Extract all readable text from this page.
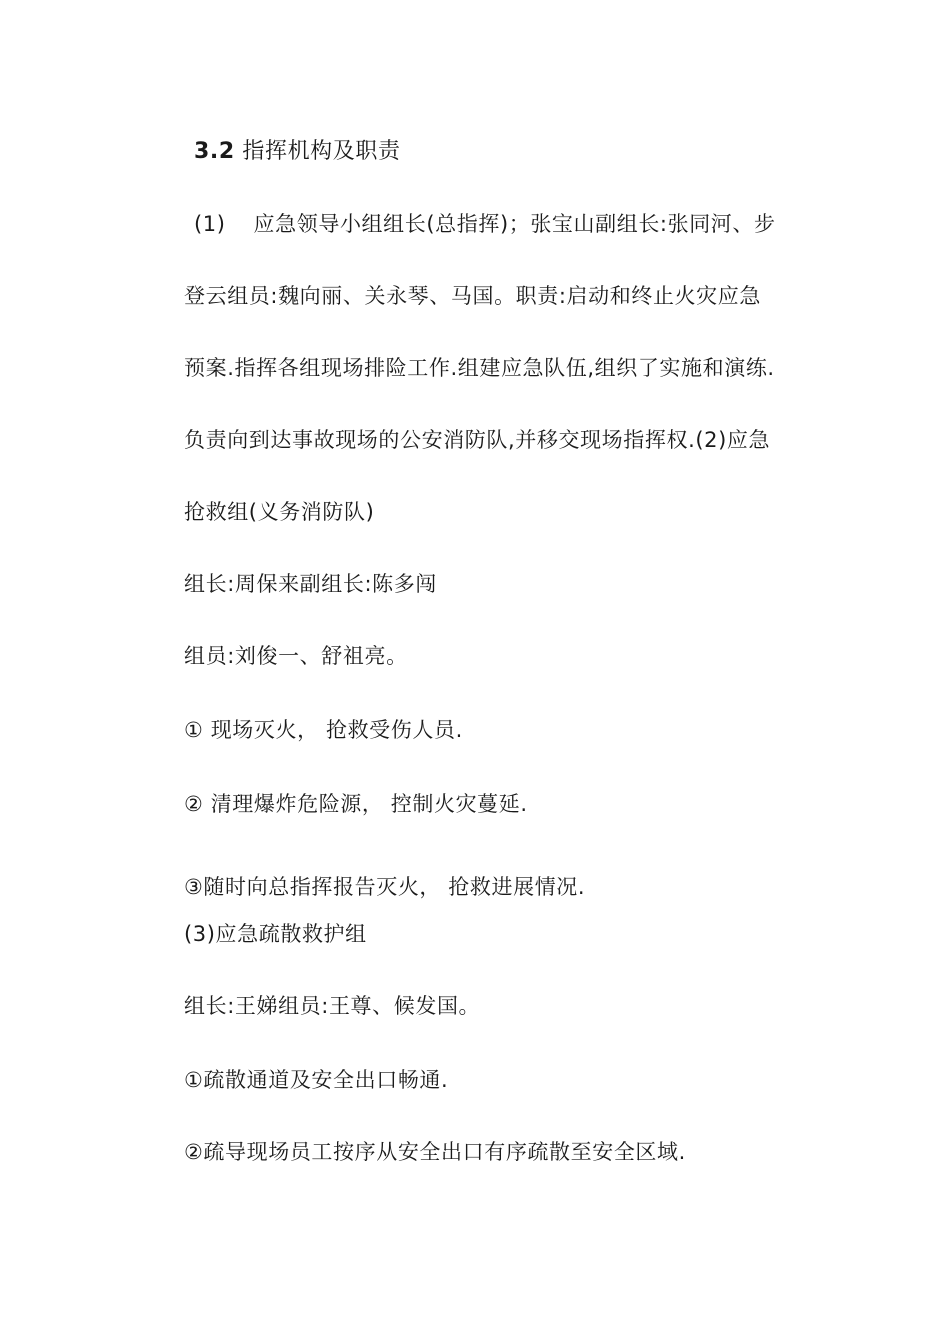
3.2 指挥机构及职责
(1) 应急领导小组组长(总指挥)；张宝山副组长:张同河、步
登云组员:魏向丽、关永琴、马国。职责:启动和终止火灾应急
预案.指挥各组现场排险工作.组建应急队伍,组织了实施和演练.
负责向到达事故现场的公安消防队,并移交现场指挥权.(2)应急
抢救组(义务消防队)
组长:周保来副组长:陈多闯
组员:刘俊一、舒祖亮。
① 现场灭火， 抢救受伤人员.
② 清理爆炸危险源， 控制火灾蔓延.
③随时向总指挥报告灭火， 抢救进展情况.
(3)应急疏散救护组
组长:王娣组员:王尊、候发国。
①疏散通道及安全出口畅通.
②疏导现场员工按序从安全出口有序疏散至安全区域.
